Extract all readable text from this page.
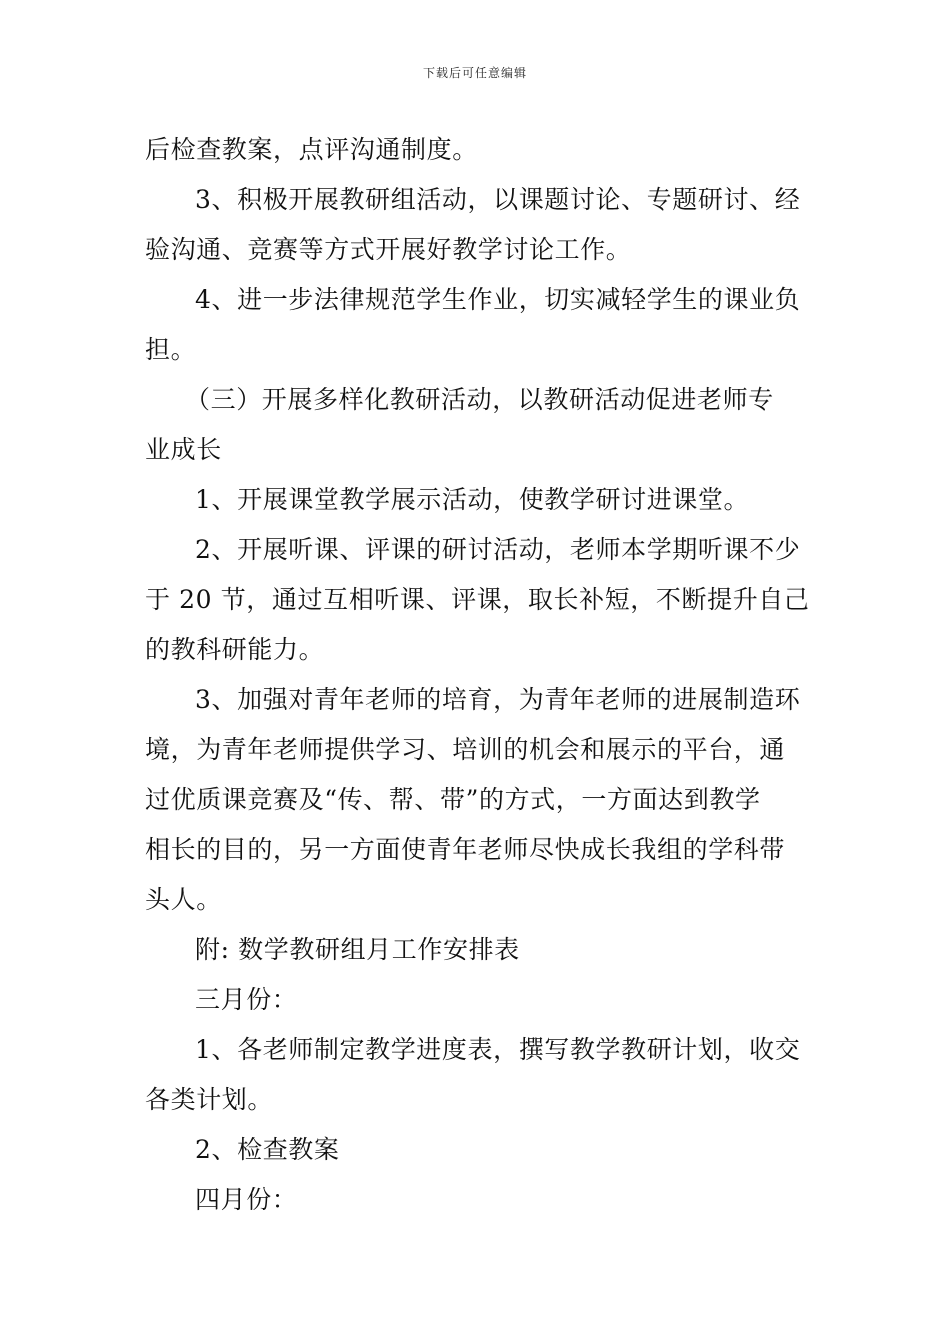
下载后可任意编辑
后检查教案，点评沟通制度。
3、积极开展教研组活动，以课题讨论、专题研讨、经
验沟通、竞赛等方式开展好教学讨论工作。
4、进一步法律规范学生作业，切实减轻学生的课业负
担。
（三）开展多样化教研活动，以教研活动促进老师专
业成长
1、开展课堂教学展示活动，使教学研讨进课堂。
2、开展听课、评课的研讨活动，老师本学期听课不少
于 20 节，通过互相听课、评课，取长补短，不断提升自己
的教科研能力。
3、加强对青年老师的培育，为青年老师的进展制造环
境，为青年老师提供学习、培训的机会和展示的平台，通
过优质课竞赛及“传、帮、带”的方式，一方面达到教学
相长的目的，另一方面使青年老师尽快成长我组的学科带
头人。
附: 数学教研组月工作安排表
三月份：
1、各老师制定教学进度表，撰写教学教研计划，收交
各类计划。
2、检查教案
四月份：
